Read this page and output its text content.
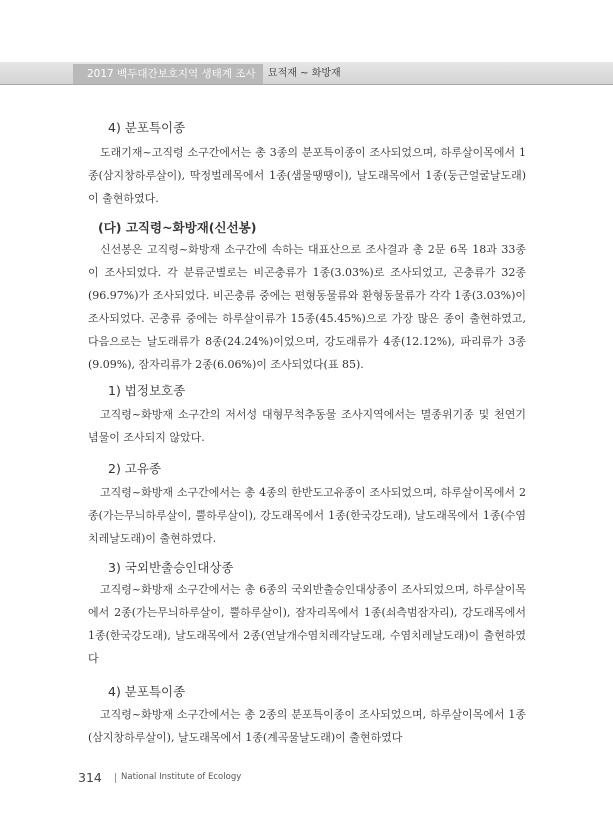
2017 백두대간보호지역 생태계 조사	묘적재 ~ 화방재
4) 분포특이종

도래기재~고직령 소구간에서는 총 3종의 분포특이종이 조사되었으며, 하루살이목에서 1종(삼지창하루살이), 딱정벌레목에서 1종(샘물땡땡이), 날도래목에서 1종(둥근얼굴날도래)이 출현하였다.

(다) 고직령~화방재(신선봉)

신선봉은 고직령~화방재 소구간에 속하는 대표산으로 조사결과 총 2문 6목 18과 33종이 조사되었다. 각 분류군별로는 비곤충류가 1종(3.03%)로 조사되었고, 곤충류가 32종(96.97%)가 조사되었다. 비곤충류 중에는 편형동물류와 환형동물류가 각각 1종(3.03%)이 조사되었다. 곤충류 중에는 하루살이류가 15종(45.45%)으로 가장 많은 종이 출현하였고, 다음으로는 날도래류가 8종(24.24%)이었으며, 강도래류가 4종(12.12%), 파리류가 3종(9.09%), 잠자리류가 2종(6.06%)이 조사되었다(표 85).

1) 법정보호종

고직령~화방재 소구간의 저서성 대형무척추동물 조사지역에서는 멸종위기종 및 천연기념물이 조사되지 않았다.

2) 고유종

고직령~화방재 소구간에서는 총 4종의 한반도고유종이 조사되었으며, 하루살이목에서 2종(가는무늬하루살이, 뿔하루살이), 강도래목에서 1종(한국강도래), 날도래목에서 1종(수염치레날도래)이 출현하였다.

3) 국외반출승인대상종

고직령~화방재 소구간에서는 총 6종의 국외반출승인대상종이 조사되었으며, 하루살이목에서 2종(가는무늬하루살이, 뿔하루살이), 잠자리목에서 1종(쇠측범잠자리), 강도래목에서 1종(한국강도래), 날도래목에서 2종(연날개수염치레각날도래, 수염치레날도래)이 출현하였다

4) 분포특이종

고직령~화방재 소구간에서는 총 2종의 분포특이종이 조사되었으며, 하루살이목에서 1종(삼지창하루살이), 날도래목에서 1종(계곡물날도래)이 출현하였다

314 National Institute of Ecology
